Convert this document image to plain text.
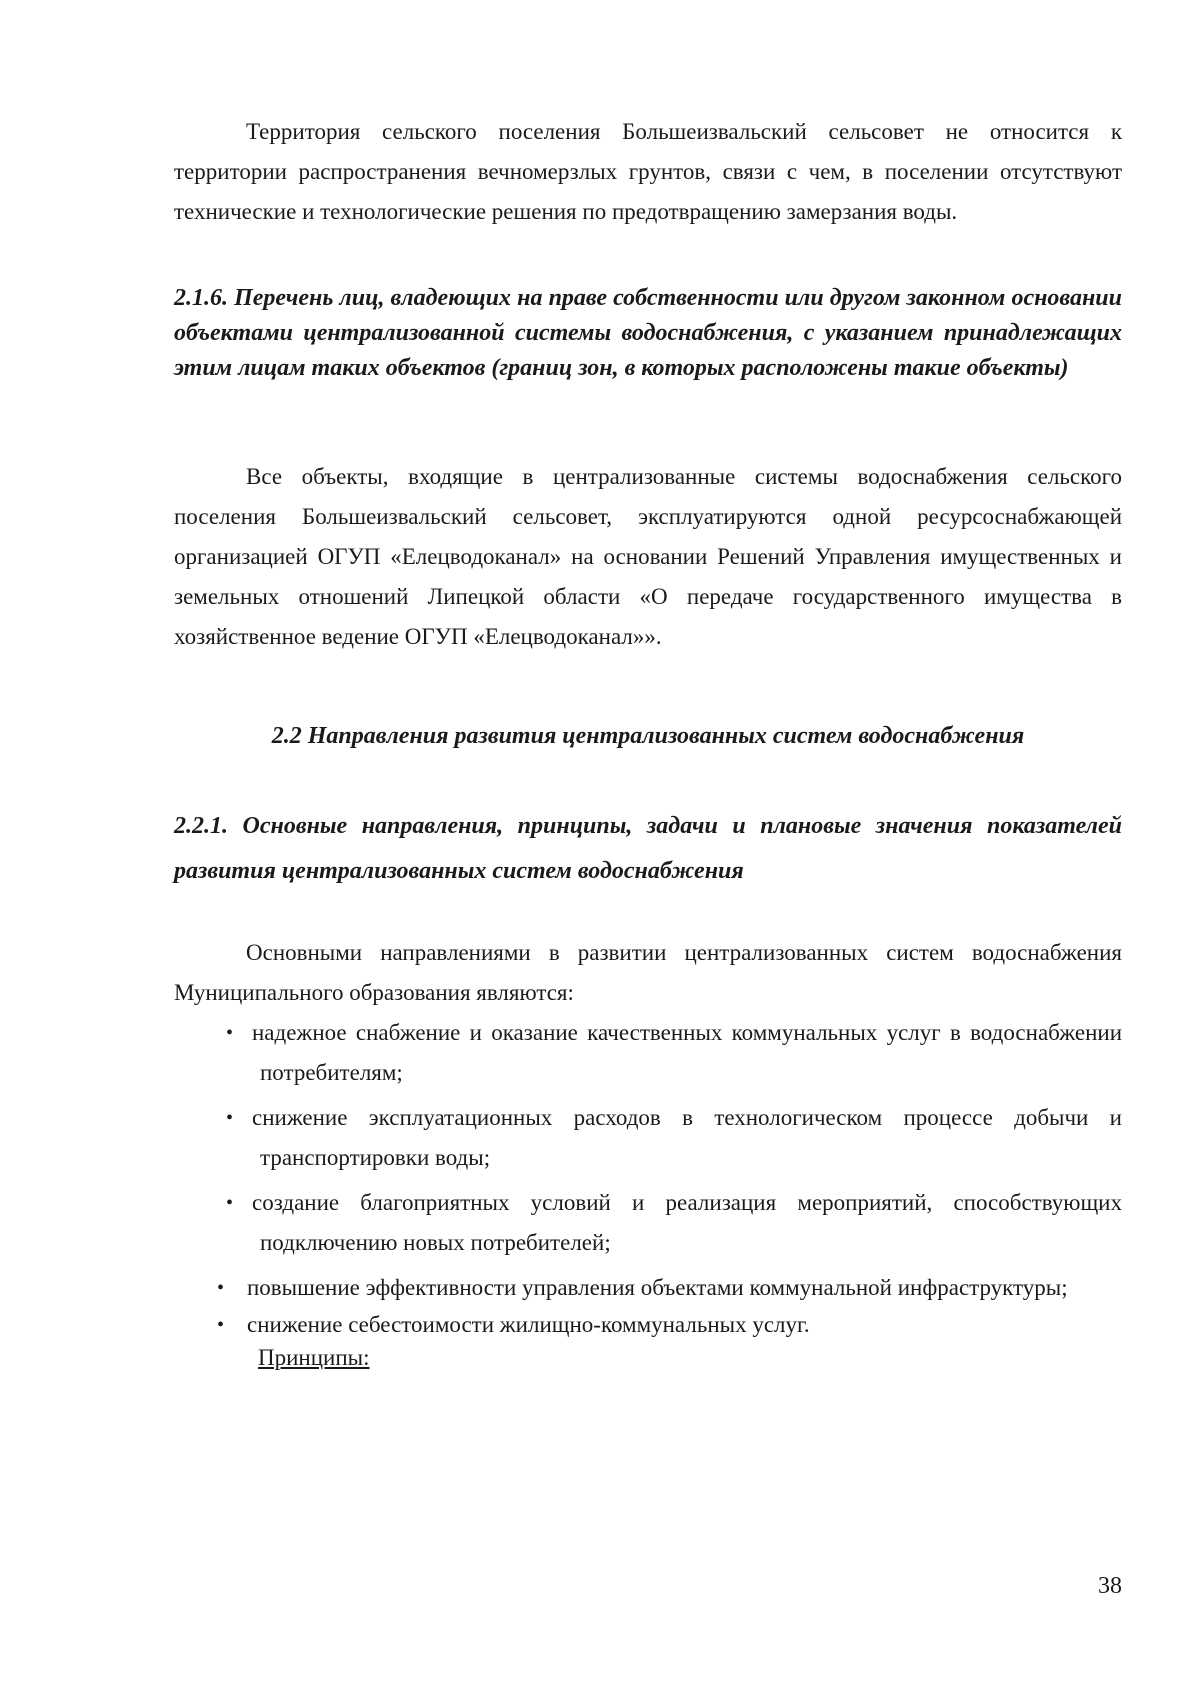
Территория сельского поселения Большеизвальский сельсовет не относится к территории распространения вечномерзлых грунтов, связи с чем, в поселении отсутствуют технические и технологические решения по предотвращению замерзания воды.

2.1.6. Перечень лиц, владеющих на праве собственности или другом законном основании объектами централизованной системы водоснабжения, с указанием принадлежащих этим лицам таких объектов (границ зон, в которых расположены такие объекты)

Все объекты, входящие в централизованные системы водоснабжения сельского поселения Большеизвальский сельсовет, эксплуатируются одной ресурсоснабжающей организацией ОГУП «Елецводоканал» на основании Решений Управления имущественных и земельных отношений Липецкой области «О передаче государственного имущества в хозяйственное ведение ОГУП «Елецводоканал»».

2.2 Направления развития централизованных систем водоснабжения

2.2.1. Основные направления, принципы, задачи и плановые значения показателей развития централизованных систем водоснабжения

Основными направлениями в развитии централизованных систем водоснабжения Муниципального образования являются:

• надежное снабжение и оказание качественных коммунальных услуг в водоснабжении потребителям;
• снижение эксплуатационных расходов в технологическом процессе добычи и транспортировки воды;
• создание благоприятных условий и реализация мероприятий, способствующих подключению новых потребителей;
• повышение эффективности управления объектами коммунальной инфраструктуры;
• снижение себестоимости жилищно-коммунальных услуг.

Принципы:

38
